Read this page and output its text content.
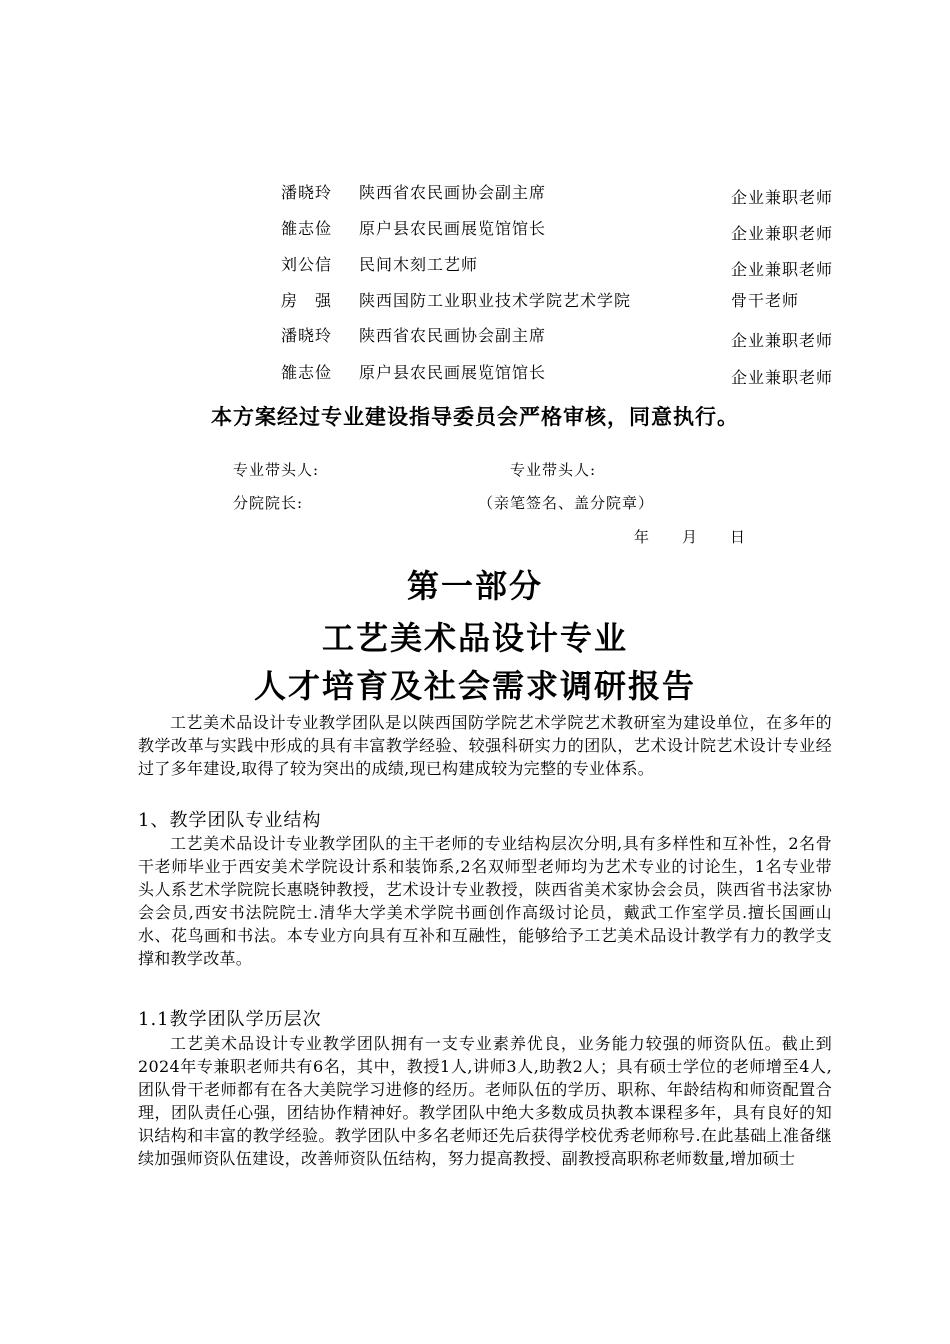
潘晓玲 陕西省农民画协会副主席	企业兼职老师
雒志俭 原户县农民画展览馆馆长	企业兼职老师
刘公信 民间木刻工艺师	企业兼职老师
房　强 陕西国防工业职业技术学院艺术学院	骨干老师
潘晓玲 陕西省农民画协会副主席	企业兼职老师
雒志俭 原户县农民画展览馆馆长	企业兼职老师
本方案经过专业建设指导委员会严格审核，同意执行。
专业带头人:	专业带头人:
分院院长:	（亲笔签名、盖分院章）
年　　月　　日
第一部分
工艺美术品设计专业
人才培育及社会需求调研报告

工艺美术品设计专业教学团队是以陕西国防学院艺术学院艺术教研室为建设单位，在多年的教学改革与实践中形成的具有丰富教学经验、较强科研实力的团队，艺术设计院艺术设计专业经过了多年建设,取得了较为突出的成绩,现已构建成较为完整的专业体系。

1、教学团队专业结构

工艺美术品设计专业教学团队的主干老师的专业结构层次分明,具有多样性和互补性，2名骨干老师毕业于西安美术学院设计系和装饰系,2名双师型老师均为艺术专业的讨论生，1名专业带头人系艺术学院院长惠晓钟教授，艺术设计专业教授，陕西省美术家协会会员，陕西省书法家协会会员,西安书法院院士.清华大学美术学院书画创作高级讨论员，戴武工作室学员.擅长国画山水、花鸟画和书法。本专业方向具有互补和互融性，能够给予工艺美术品设计教学有力的教学支撑和教学改革。

1.1教学团队学历层次

工艺美术品设计专业教学团队拥有一支专业素养优良，业务能力较强的师资队伍。截止到2024年专兼职老师共有6名，其中，教授1人,讲师3人,助教2人；具有硕士学位的老师增至4人,团队骨干老师都有在各大美院学习进修的经历。老师队伍的学历、职称、年龄结构和师资配置合理，团队责任心强，团结协作精神好。教学团队中绝大多数成员执教本课程多年，具有良好的知识结构和丰富的教学经验。教学团队中多名老师还先后获得学校优秀老师称号.在此基础上准备继续加强师资队伍建设，改善师资队伍结构，努力提高教授、副教授高职称老师数量,增加硕士
